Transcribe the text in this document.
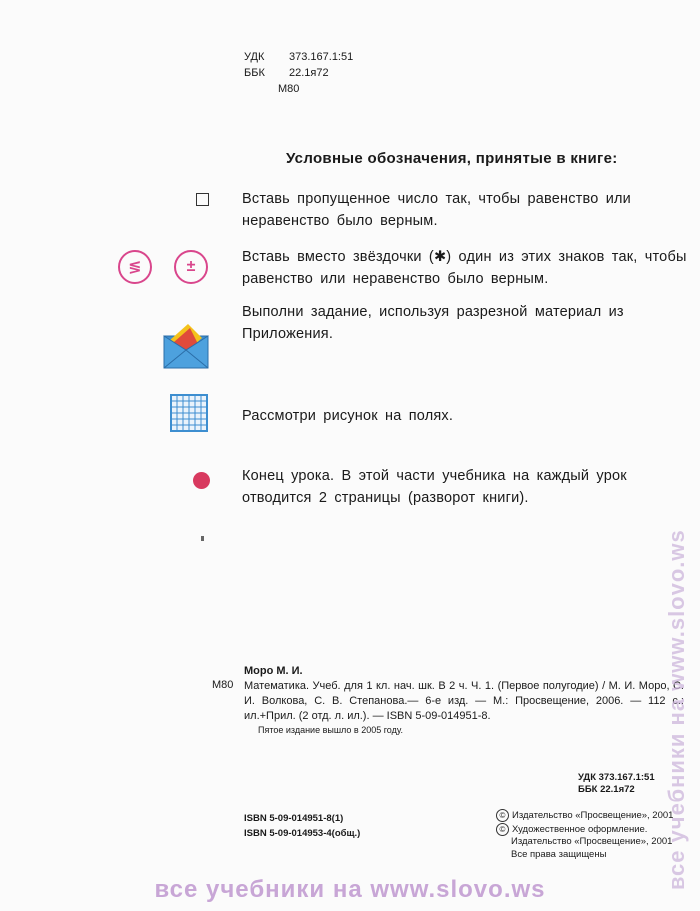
УДК 373.167.1:51
ББК 22.1я72
М80
Условные обозначения, принятые в книге:
Вставь пропущенное число так, чтобы равенство или неравенство было верным.
≶	±
Вставь вместо звёздочки (✱) один из этих знаков так, чтобы равенство или неравенство было верным.
Выполни задание, используя разрезной материал из Приложения.
Рассмотри рисунок на полях.
Конец урока. В этой части учебника на каждый урок отводится 2 страницы (разворот книги).
Моро М. И.
М80 Математика. Учеб. для 1 кл. нач. шк. В 2 ч. Ч. 1. (Первое полугодие) / М. И. Моро, С. И. Волкова, С. В. Степанова.— 6-е изд. — М.: Просвещение, 2006. — 112 с.: ил.+Прил. (2 отд. л. ил.). — ISBN 5-09-014951-8.
Пятое издание вышло в 2005 году.
УДК 373.167.1:51
ББК 22.1я72
ISBN 5-09-014951-8(1)
ISBN 5-09-014953-4(общ.)
© Издательство «Просвещение», 2001
© Художественное оформление.
Издательство «Просвещение», 2001
Все права защищены	все учебники на www.slovo.ws
все учебники на www.slovo.ws
